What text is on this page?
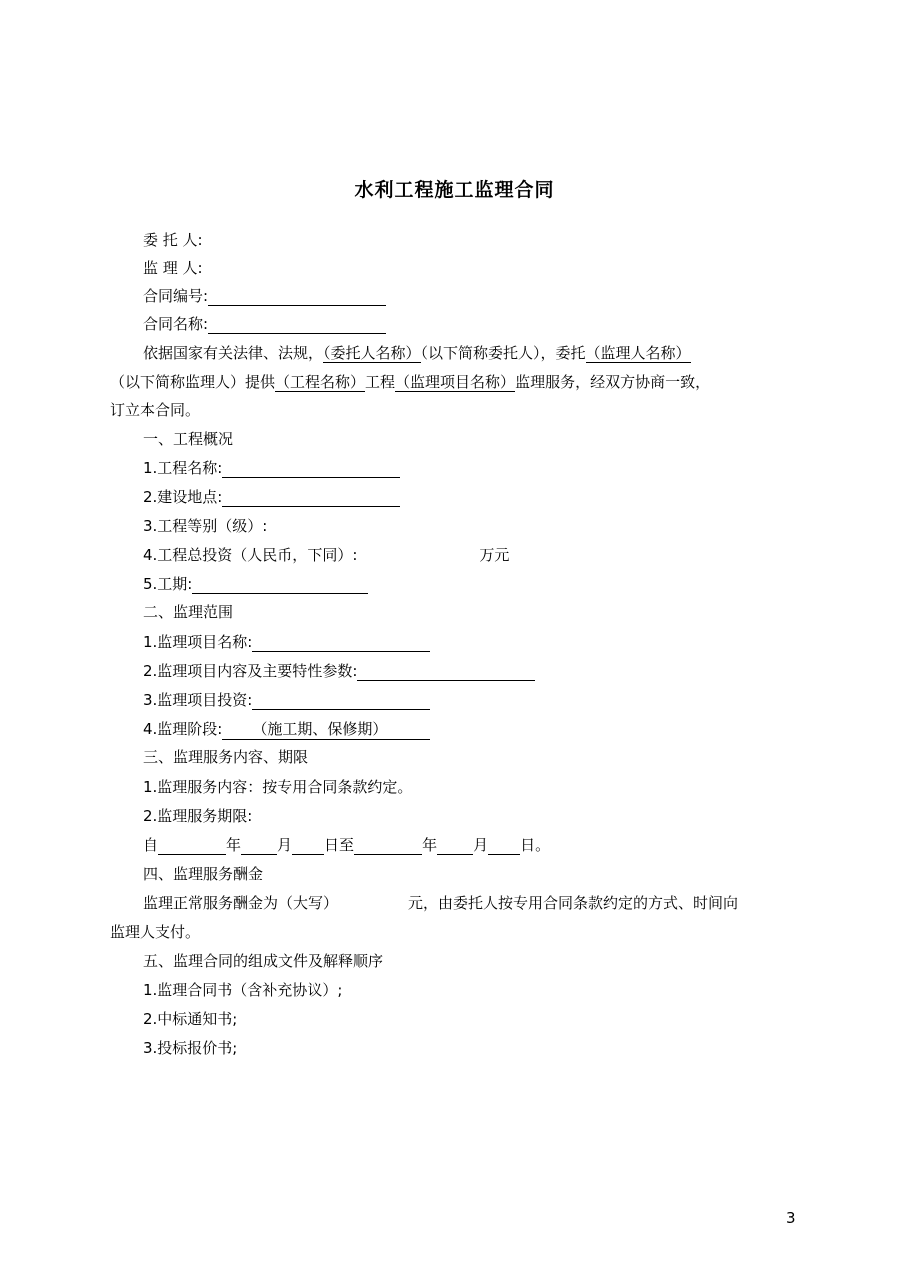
水利工程施工监理合同
委 托 人:
监 理 人:
合同编号:
合同名称:
依据国家有关法律、法规，（委托人名称）（以下简称委托人），委托（监理人名称）
（以下简称监理人）提供（工程名称）工程（监理项目名称）监理服务，经双方协商一致，
订立本合同。
一、工程概况
1.工程名称:
2.建设地点:
3.工程等别（级）:
4.工程总投资（人民币，下同）:	万元
5.工期:
二、监理范围
1.监理项目名称:
2.监理项目内容及主要特性参数:
3.监理项目投资:
4.监理阶段: （施工期、保修期）
三、监理服务内容、期限
1.监理服务内容：按专用合同条款约定。
2.监理服务期限:
自	年 月 日至	年 月 日。
四、监理服务酬金
监理正常服务酬金为（大写）	元，由委托人按专用合同条款约定的方式、时间向
监理人支付。
五、监理合同的组成文件及解释顺序
1.监理合同书（含补充协议）;
2.中标通知书;
3.投标报价书;
3
